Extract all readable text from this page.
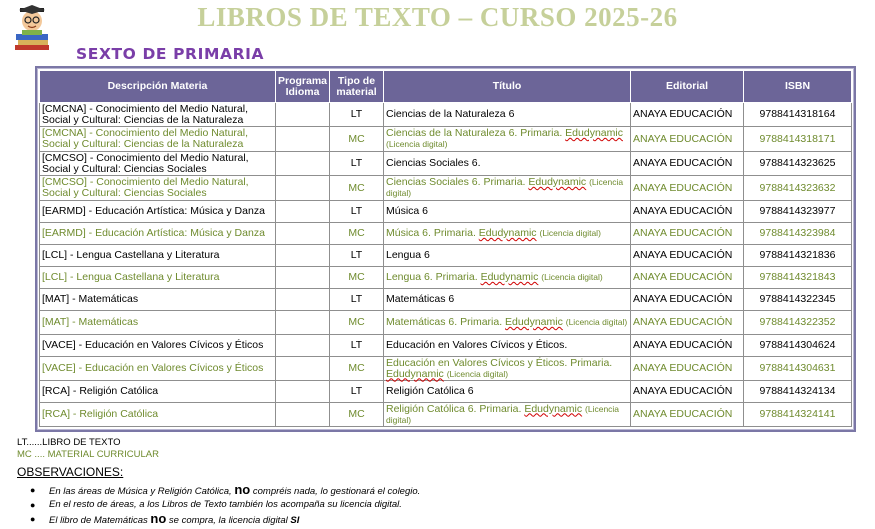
LIBROS DE TEXTO – CURSO 2025-26
SEXTO DE PRIMARIA
Descripción Materia	Programa Idioma	Tipo de material	Título	Editorial	ISBN
[CMCNA] - Conocimiento del Medio Natural, Social y Cultural: Ciencias de la Naturaleza		LT	Ciencias de la Naturaleza 6	ANAYA EDUCACIÓN	9788414318164
[CMCNA] - Conocimiento del Medio Natural, Social y Cultural: Ciencias de la Naturaleza		MC	Ciencias de la Naturaleza 6. Primaria. Edudynamic (Licencia digital)	ANAYA EDUCACIÓN	9788414318171
[CMCSO] - Conocimiento del Medio Natural, Social y Cultural: Ciencias Sociales		LT	Ciencias Sociales 6.	ANAYA EDUCACIÓN	9788414323625
[CMCSO] - Conocimiento del Medio Natural, Social y Cultural: Ciencias Sociales		MC	Ciencias Sociales 6. Primaria. Edudynamic (Licencia digital)	ANAYA EDUCACIÓN	9788414323632
[EARMD] - Educación Artística: Música y Danza		LT	Música 6	ANAYA EDUCACIÓN	9788414323977
[EARMD] - Educación Artística: Música y Danza		MC	Música 6. Primaria. Edudynamic (Licencia digital)	ANAYA EDUCACIÓN	9788414323984
[LCL] - Lengua Castellana y Literatura		LT	Lengua 6	ANAYA EDUCACIÓN	9788414321836
[LCL] - Lengua Castellana y Literatura		MC	Lengua 6. Primaria. Edudynamic (Licencia digital)	ANAYA EDUCACIÓN	9788414321843
[MAT] - Matemáticas		LT	Matemáticas 6	ANAYA EDUCACIÓN	9788414322345
[MAT] - Matemáticas		MC	Matemáticas 6. Primaria. Edudynamic (Licencia digital)	ANAYA EDUCACIÓN	9788414322352
[VACE] - Educación en Valores Cívicos y Éticos		LT	Educación en Valores Cívicos y Éticos.	ANAYA EDUCACIÓN	9788414304624
[VACE] - Educación en Valores Cívicos y Éticos		MC	Educación en Valores Cívicos y Éticos. Primaria. Edudynamic (Licencia digital)	ANAYA EDUCACIÓN	9788414304631
[RCA] - Religión Católica		LT	Religión Católica 6	ANAYA EDUCACIÓN	9788414324134
[RCA] - Religión Católica		MC	Religión Católica 6. Primaria. Edudynamic (Licencia digital)	ANAYA EDUCACIÓN	9788414324141

LT......LIBRO DE TEXTO

MC .... MATERIAL CURRICULAR

OBSERVACIONES:

● En las áreas de Música y Religión Católica, no compréis nada, lo gestionará el colegio.
● En el resto de áreas, a los Libros de Texto también los acompaña su licencia digital.
● El libro de Matemáticas no se compra, la licencia digital SI
